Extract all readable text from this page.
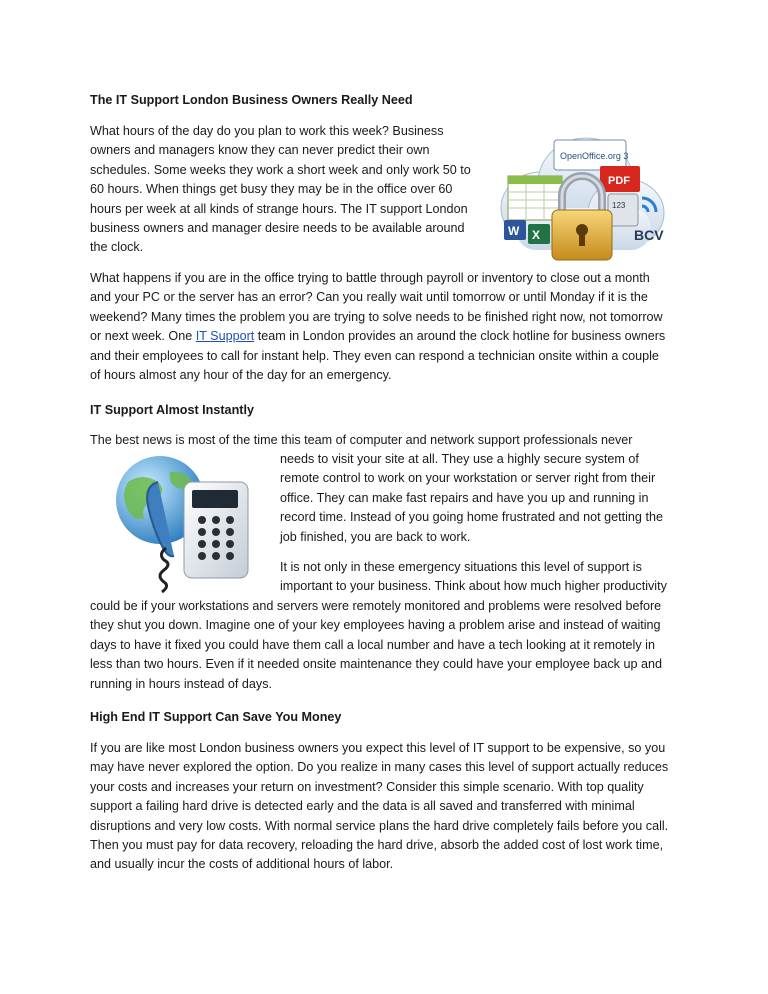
The IT Support London Business Owners Really Need

What hours of the day do you plan to work this week? Business
owners and managers know they can never predict their own
schedules. Some weeks they work a short week and only work 50 to
60 hours. When things get busy they may be in the office over 60
hours per week at all kinds of strange hours. The IT support London
business owners and manager desire needs to be available around
the clock.
OpenOffice.org 3
PDF
123
W X	BCV
What happens if you are in the office trying to battle through payroll or inventory to close out a month
and your PC or the server has an error? Can you really wait until tomorrow or until Monday if it is the
weekend? Many times the problem you are trying to solve needs to be finished right now, not tomorrow
or next week. One IT Support team in London provides an around the clock hotline for business owners
and their employees to call for instant help. They even can respond a technician onsite within a couple
of hours almost any hour of the day for an emergency.

IT Support Almost Instantly

The best news is most of the time this team of computer and network support professionals never

needs to visit your site at all. They use a highly secure system of
remote control to work on your workstation or server right from their
office. They can make fast repairs and have you up and running in
record time. Instead of you going home frustrated and not getting the
job finished, you are back to work.
It is not only in these emergency situations this level of support is
important to your business. Think about how much higher productivity
could be if your workstations and servers were remotely monitored and problems were resolved before
they shut you down. Imagine one of your key employees having a problem arise and instead of waiting
days to have it fixed you could have them call a local number and have a tech looking at it remotely in
less than two hours. Even if it needed onsite maintenance they could have your employee back up and
running in hours instead of days.

High End IT Support Can Save You Money

If you are like most London business owners you expect this level of IT support to be expensive, so you
may have never explored the option. Do you realize in many cases this level of support actually reduces
your costs and increases your return on investment? Consider this simple scenario. With top quality
support a failing hard drive is detected early and the data is all saved and transferred with minimal
disruptions and very low costs. With normal service plans the hard drive completely fails before you call.
Then you must pay for data recovery, reloading the hard drive, absorb the added cost of lost work time,
and usually incur the costs of additional hours of labor.
